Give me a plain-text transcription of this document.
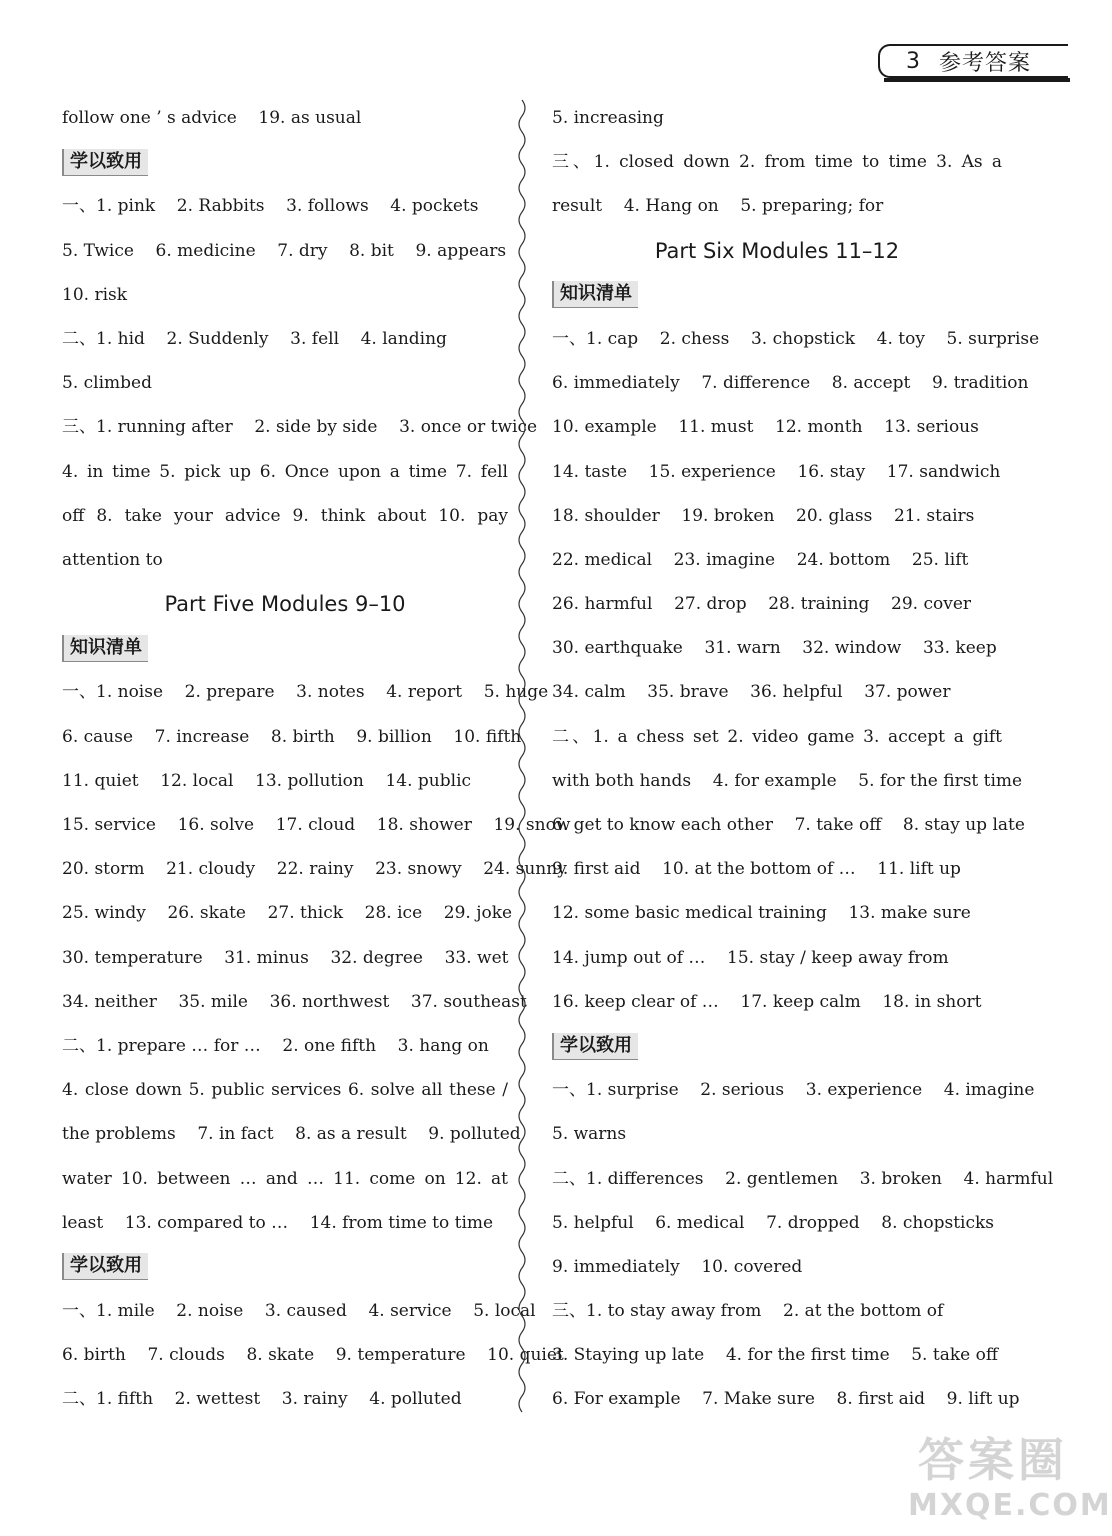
3 参考答案
follow one ’ s advice    19. as usual
学以致用
一、1. pink    2. Rabbits    3. follows    4. pockets
5. Twice    6. medicine    7. dry    8. bit    9. appears
10. risk
二、1. hid    2. Suddenly    3. fell    4. landing
5. climbed
三、1. running after    2. side by side    3. once or twice
4. in time 5. pick up 6. Once upon a time 7. fell
off 8. take your advice 9. think about 10. pay
attention to
Part Five Modules 9–10
知识清单
一、1. noise    2. prepare    3. notes    4. report    5. huge
6. cause    7. increase    8. birth    9. billion    10. fifth
11. quiet    12. local    13. pollution    14. public
15. service    16. solve    17. cloud    18. shower    19. snow
20. storm    21. cloudy    22. rainy    23. snowy    24. sunny
25. windy    26. skate    27. thick    28. ice    29. joke
30. temperature    31. minus    32. degree    33. wet
34. neither    35. mile    36. northwest    37. southeast
二、1. prepare … for …    2. one fifth    3. hang on
4. close down 5. public services 6. solve all these /
the problems    7. in fact    8. as a result    9. polluted
water 10. between … and … 11. come on 12. at
least    13. compared to …    14. from time to time
学以致用
一、1. mile    2. noise    3. caused    4. service    5. local
6. birth    7. clouds    8. skate    9. temperature    10. quiet
二、1. fifth    2. wettest    3. rainy    4. polluted
5. increasing
三、1. closed down 2. from time to time 3. As a
result    4. Hang on    5. preparing; for
Part Six Modules 11–12
知识清单
一、1. cap    2. chess    3. chopstick    4. toy    5. surprise
6. immediately    7. difference    8. accept    9. tradition
10. example    11. must    12. month    13. serious
14. taste    15. experience    16. stay    17. sandwich
18. shoulder    19. broken    20. glass    21. stairs
22. medical    23. imagine    24. bottom    25. lift
26. harmful    27. drop    28. training    29. cover
30. earthquake    31. warn    32. window    33. keep
34. calm    35. brave    36. helpful    37. power
二、1. a chess set 2. video game 3. accept a gift
with both hands    4. for example    5. for the first time
6. get to know each other    7. take off    8. stay up late
9. first aid    10. at the bottom of …    11. lift up
12. some basic medical training    13. make sure
14. jump out of …    15. stay / keep away from
16. keep clear of …    17. keep calm    18. in short
学以致用
一、1. surprise    2. serious    3. experience    4. imagine
5. warns
二、1. differences    2. gentlemen    3. broken    4. harmful
5. helpful    6. medical    7. dropped    8. chopsticks
9. immediately    10. covered
三、1. to stay away from    2. at the bottom of
3. Staying up late    4. for the first time    5. take off
6. For example    7. Make sure    8. first aid    9. lift up
答案圈
MXQE.COM
